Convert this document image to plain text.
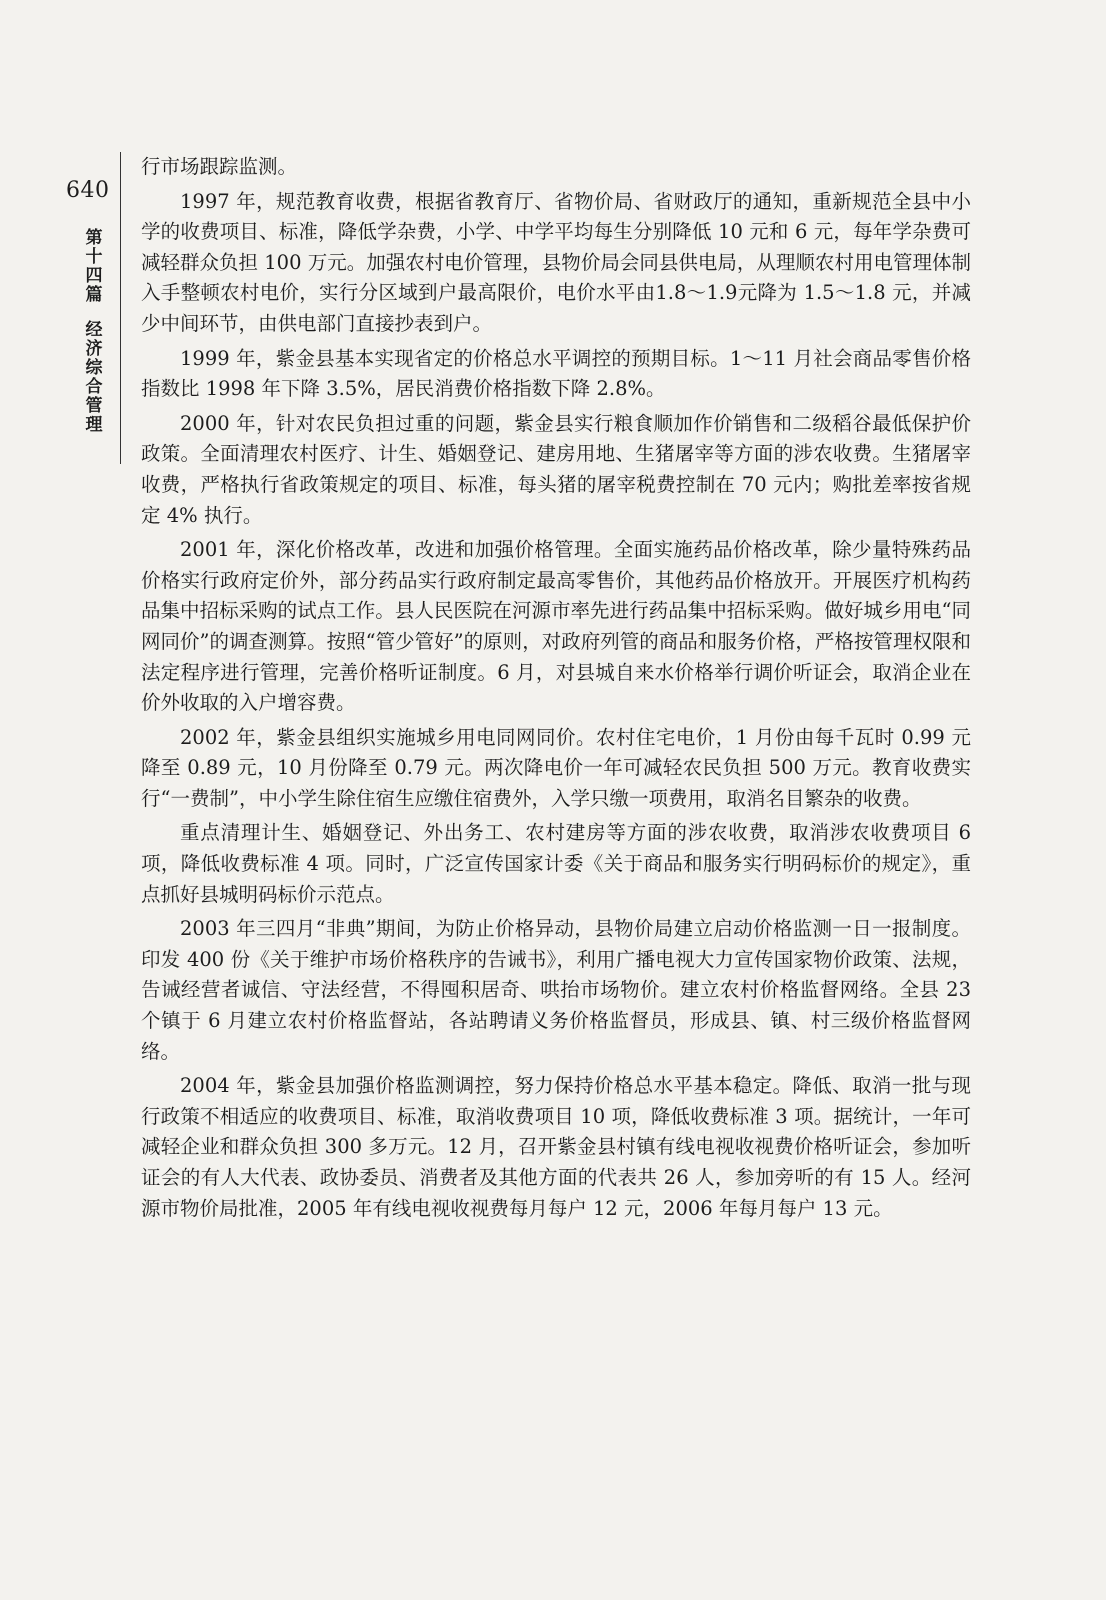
640
第十四篇
经济综合管理

行市场跟踪监测。

1997 年，规范教育收费，根据省教育厅、省物价局、省财政厅的通知，重新规范全县中小学的收费项目、标准，降低学杂费，小学、中学平均每生分别降低 10 元和 6 元，每年学杂费可减轻群众负担 100 万元。加强农村电价管理，县物价局会同县供电局，从理顺农村用电管理体制入手整顿农村电价，实行分区域到户最高限价，电价水平由1.8～1.9元降为 1.5～1.8 元，并减少中间环节，由供电部门直接抄表到户。

1999 年，紫金县基本实现省定的价格总水平调控的预期目标。1～11 月社会商品零售价格指数比 1998 年下降 3.5%，居民消费价格指数下降 2.8%。

2000 年，针对农民负担过重的问题，紫金县实行粮食顺加作价销售和二级稻谷最低保护价政策。全面清理农村医疗、计生、婚姻登记、建房用地、生猪屠宰等方面的涉农收费。生猪屠宰收费，严格执行省政策规定的项目、标准，每头猪的屠宰税费控制在 70 元内；购批差率按省规定 4% 执行。

2001 年，深化价格改革，改进和加强价格管理。全面实施药品价格改革，除少量特殊药品价格实行政府定价外，部分药品实行政府制定最高零售价，其他药品价格放开。开展医疗机构药品集中招标采购的试点工作。县人民医院在河源市率先进行药品集中招标采购。做好城乡用电“同网同价”的调查测算。按照“管少管好”的原则，对政府列管的商品和服务价格，严格按管理权限和法定程序进行管理，完善价格听证制度。6 月，对县城自来水价格举行调价听证会，取消企业在价外收取的入户增容费。

2002 年，紫金县组织实施城乡用电同网同价。农村住宅电价，1 月份由每千瓦时 0.99 元降至 0.89 元，10 月份降至 0.79 元。两次降电价一年可减轻农民负担 500 万元。教育收费实行“一费制”，中小学生除住宿生应缴住宿费外，入学只缴一项费用，取消名目繁杂的收费。

重点清理计生、婚姻登记、外出务工、农村建房等方面的涉农收费，取消涉农收费项目 6 项，降低收费标准 4 项。同时，广泛宣传国家计委《关于商品和服务实行明码标价的规定》，重点抓好县城明码标价示范点。

2003 年三四月“非典”期间，为防止价格异动，县物价局建立启动价格监测一日一报制度。印发 400 份《关于维护市场价格秩序的告诫书》，利用广播电视大力宣传国家物价政策、法规，告诫经营者诚信、守法经营，不得囤积居奇、哄抬市场物价。建立农村价格监督网络。全县 23 个镇于 6 月建立农村价格监督站，各站聘请义务价格监督员，形成县、镇、村三级价格监督网络。

2004 年，紫金县加强价格监测调控，努力保持价格总水平基本稳定。降低、取消一批与现行政策不相适应的收费项目、标准，取消收费项目 10 项，降低收费标准 3 项。据统计，一年可减轻企业和群众负担 300 多万元。12 月，召开紫金县村镇有线电视收视费价格听证会，参加听证会的有人大代表、政协委员、消费者及其他方面的代表共 26 人，参加旁听的有 15 人。经河源市物价局批准，2005 年有线电视收视费每月每户 12 元，2006 年每月每户 13 元。
